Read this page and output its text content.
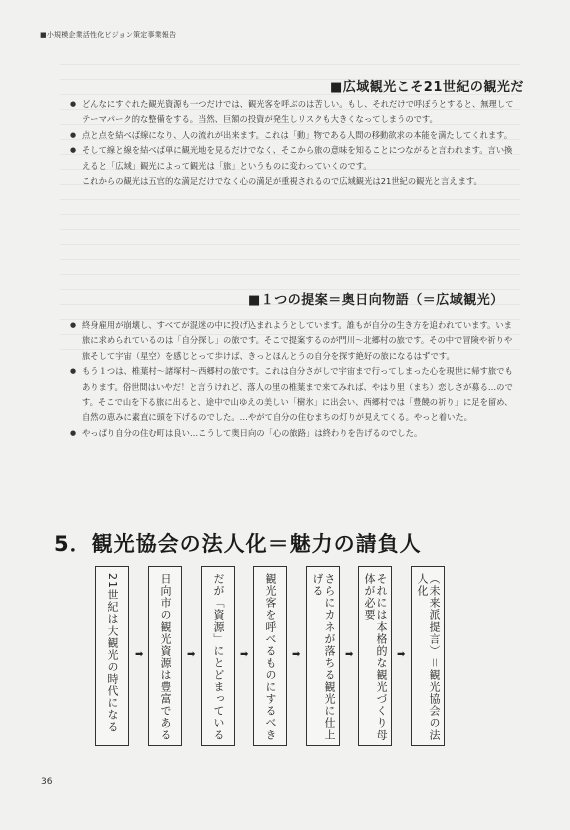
■小規模企業活性化ビジョン策定事業報告
■広域観光こそ21世紀の観光だ

● どんなにすぐれた観光資源も一つだけでは、観光客を呼ぶのは苦しい。もし、それだけで呼ぼうとすると、無理してテーマパーク的な整備をする。当然、巨額の投資が発生しリスクも大きくなってしまうのです。

● 点と点を結べば線になり、人の流れが出来ます。これは「動」物である人間の移動欲求の本能を満たしてくれます。

● そして線と線を結べば単に観光地を見るだけでなく、そこから旅の意味を知ることにつながると言われます。言い換えると「広域」観光によって観光は「旅」というものに変わっていくのです。

これからの観光は五官的な満足だけでなく心の満足が重視されるので広域観光は21世紀の観光と言えます。

■１つの提案＝奥日向物語（＝広域観光）

● 終身雇用が崩壊し、すべてが混迷の中に投げ込まれようとしています。誰もが自分の生き方を追われています。いま旅に求められているのは「自分探し」の旅です。そこで提案するのが門川～北郷村の旅です。その中で冒険や祈りや旅そして宇宙（星空）を感じとって歩けば、きっとほんとうの自分を探す絶好の旅になるはずです。

● もう１つは、椎葉村～諸塚村～西郷村の旅です。これは自分さがしで宇宙まで行ってしまった心を現世に帰す旅でもあります。俗世間はいやだ！と言うけれど、落人の里の椎葉まで来てみれば、やはり里（まち）恋しさが募る…のです。そこで山を下る旅に出ると、途中で山ゆえの美しい「樹氷」に出会い、西郷村では「豊饒の祈り」に足を留め、自然の恵みに素直に頭を下げるのでした。…やがて自分の住むまちの灯りが見えてくる。やっと着いた。

● やっぱり自分の住む町は良い…こうして奥日向の「心の旅路」は終わりを告げるのでした。

5．観光協会の法人化＝魅力の請負人
21世紀は大観光の時代になる ➡ 日向市の観光資源は豊富である ➡ だが「資源」にとどまっている ➡ 観光客を呼べるものにするべき ➡	さらにカネが落ちる観光に仕上げる
➡	それには本格的な観光づくり母体が必要
➡	（未来派提言）＝観光協会の法人化
36
